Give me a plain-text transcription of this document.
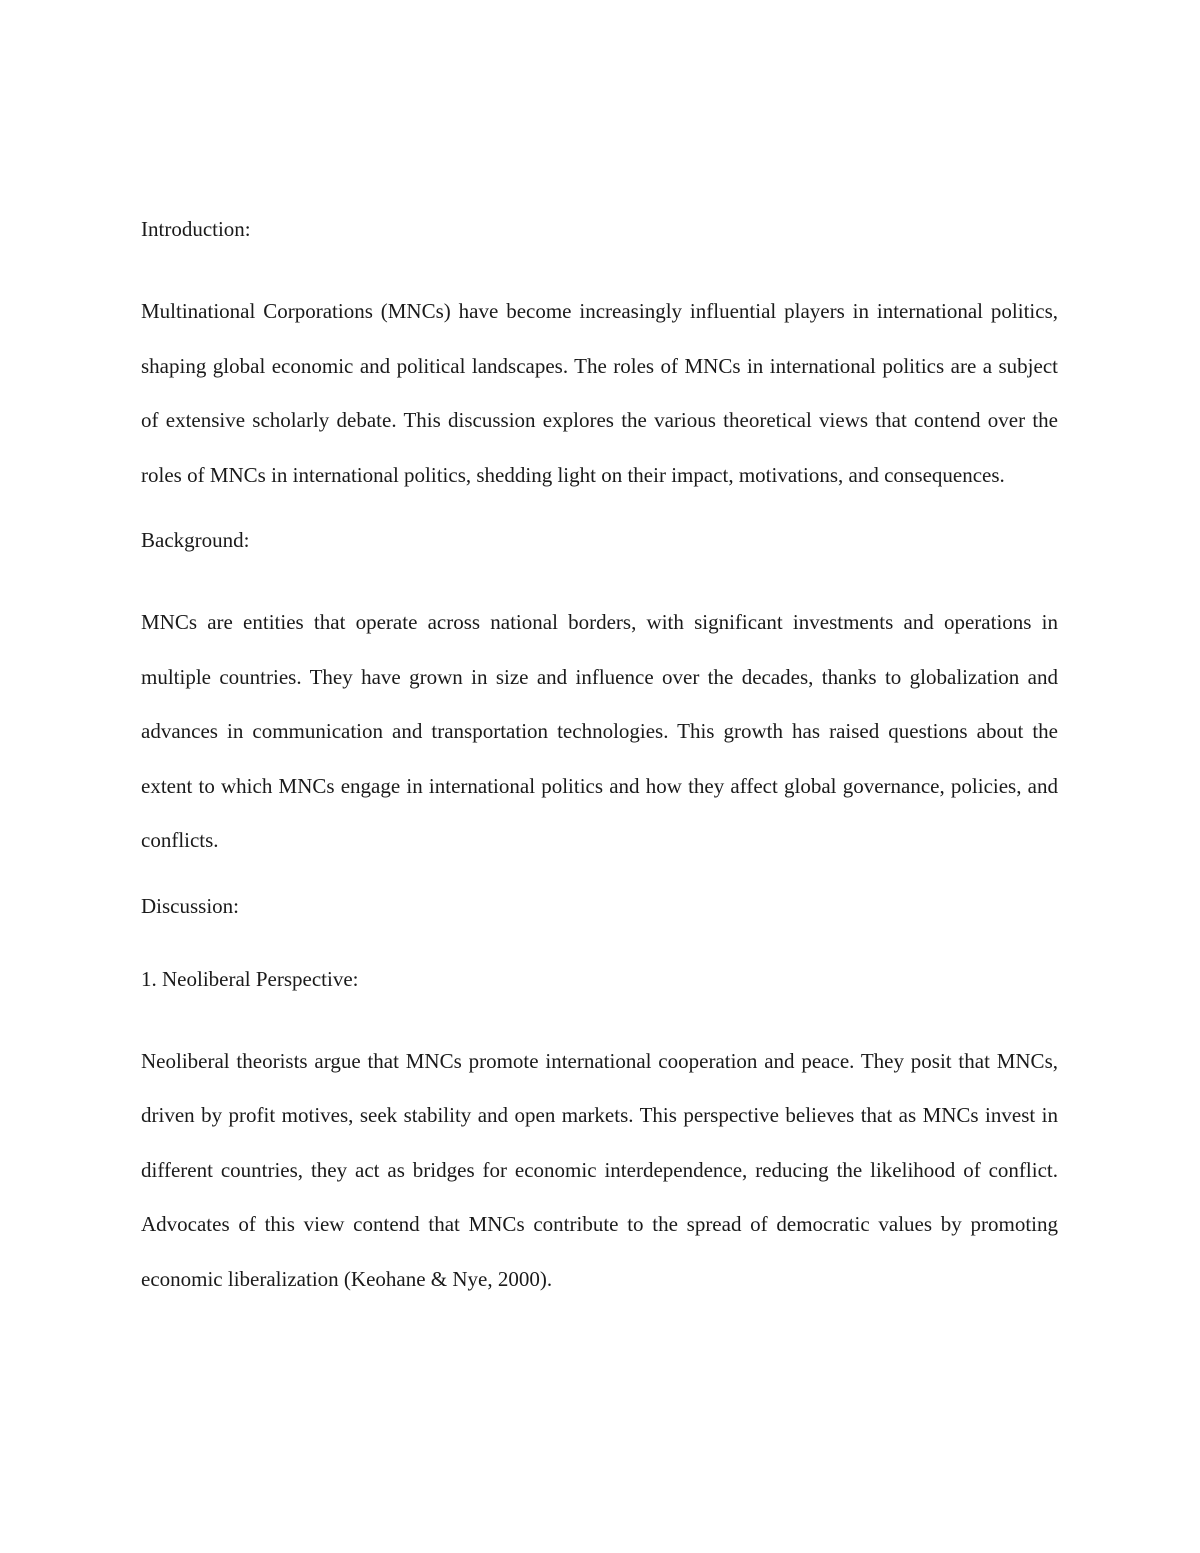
Introduction:

Multinational Corporations (MNCs) have become increasingly influential players in international politics, shaping global economic and political landscapes. The roles of MNCs in international politics are a subject of extensive scholarly debate. This discussion explores the various theoretical views that contend over the roles of MNCs in international politics, shedding light on their impact, motivations, and consequences.

Background:

MNCs are entities that operate across national borders, with significant investments and operations in multiple countries. They have grown in size and influence over the decades, thanks to globalization and advances in communication and transportation technologies. This growth has raised questions about the extent to which MNCs engage in international politics and how they affect global governance, policies, and conflicts.

Discussion:
1. Neoliberal Perspective:

Neoliberal theorists argue that MNCs promote international cooperation and peace. They posit that MNCs, driven by profit motives, seek stability and open markets. This perspective believes that as MNCs invest in different countries, they act as bridges for economic interdependence, reducing the likelihood of conflict. Advocates of this view contend that MNCs contribute to the spread of democratic values by promoting economic liberalization (Keohane & Nye, 2000).
